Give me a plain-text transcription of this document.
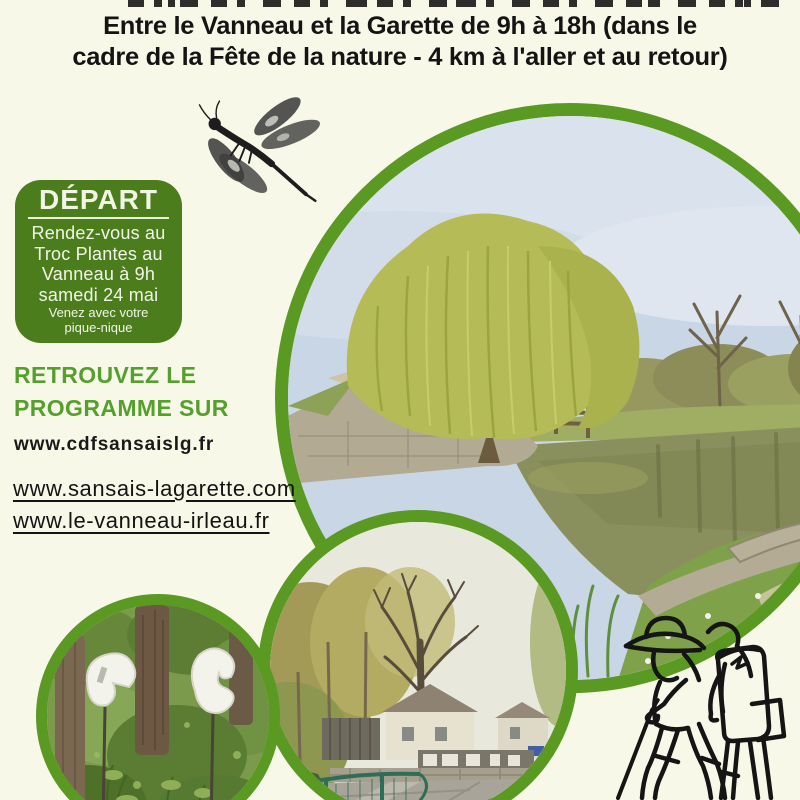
Entre le Vanneau et la Garette de 9h à 18h (dans le
cadre de la Fête de la nature - 4 km à l'aller et au retour)
DÉPART
Rendez-vous au
Troc Plantes au
Vanneau à 9h
samedi 24 mai
Venez avec votre
pique-nique
RETROUVEZ LE
PROGRAMME SUR
www.cdfsansaislg.fr
www.sansais-lagarette.com
www.le-vanneau-irleau.fr
